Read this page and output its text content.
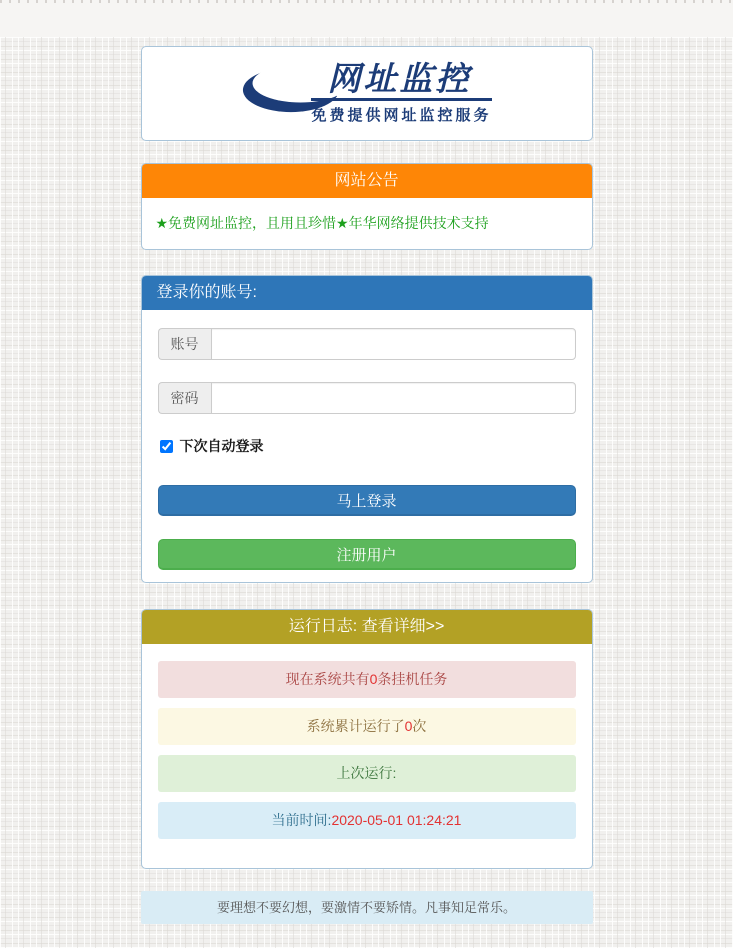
网址监控
免费提供网址监控服务
网站公告
★免费网址监控，且用且珍惜★年华网络提供技术支持
登录你的账号:
账号
密码
下次自动登录
马上登录
注册用户
运行日志: 查看详细>>
现在系统共有0条挂机任务
系统累计运行了0次
上次运行:
当前时间:2020-05-01 01:24:21
要理想不要幻想，要激情不要矫情。凡事知足常乐。
